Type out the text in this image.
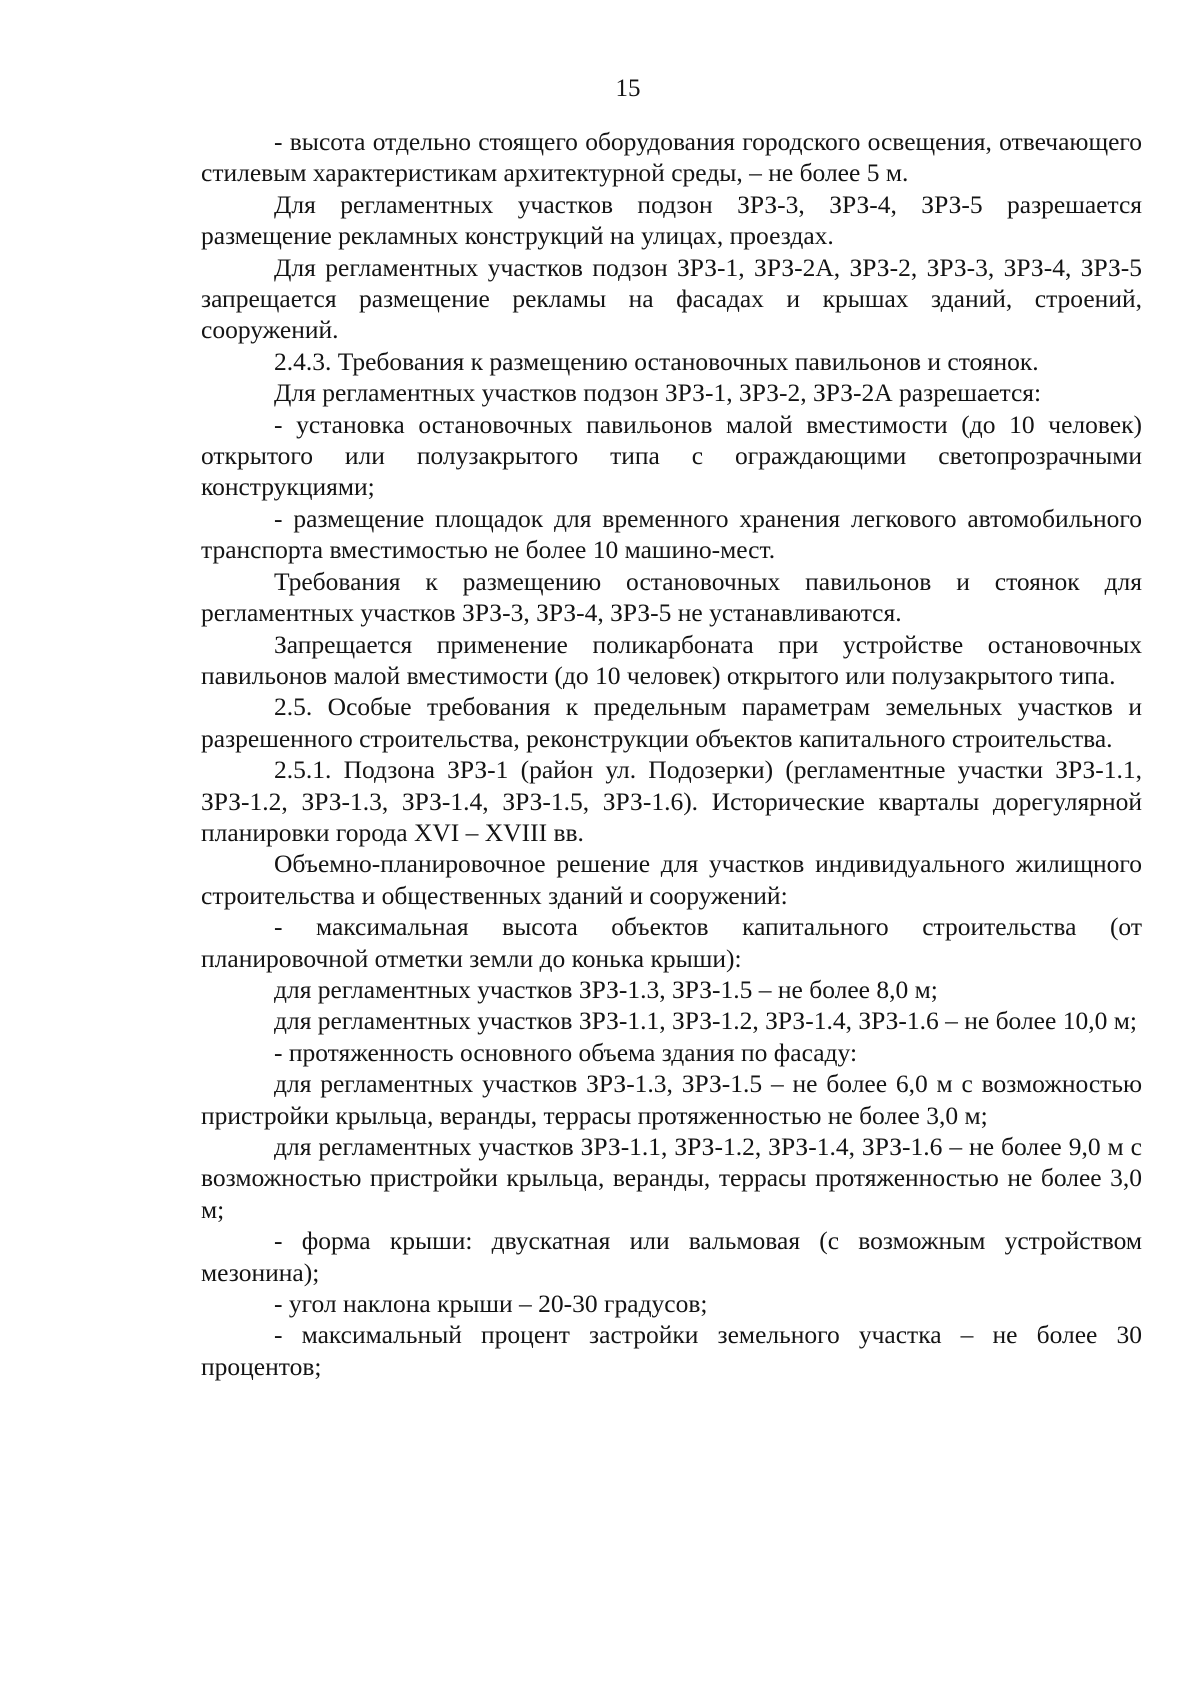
15

- высота отдельно стоящего оборудования городского освещения, отвечающего стилевым характеристикам архитектурной среды, – не более 5 м.

Для регламентных участков подзон ЗРЗ-3, ЗРЗ-4, ЗРЗ-5 разрешается размещение рекламных конструкций на улицах, проездах.

Для регламентных участков подзон ЗРЗ-1, ЗРЗ-2А, ЗРЗ-2, ЗРЗ-3, ЗРЗ-4, ЗРЗ-5 запрещается размещение рекламы на фасадах и крышах зданий, строений, сооружений.

2.4.3. Требования к размещению остановочных павильонов и стоянок.

Для регламентных участков подзон ЗРЗ-1, ЗРЗ-2, ЗРЗ-2А разрешается:

- установка остановочных павильонов малой вместимости (до 10 человек) открытого или полузакрытого типа с ограждающими светопрозрачными конструкциями;

- размещение площадок для временного хранения легкового автомобильного транспорта вместимостью не более 10 машино-мест.

Требования к размещению остановочных павильонов и стоянок для регламентных участков ЗРЗ-3, ЗРЗ-4, ЗРЗ-5 не устанавливаются.

Запрещается применение поликарбоната при устройстве остановочных павильонов малой вместимости (до 10 человек) открытого или полузакрытого типа.

2.5. Особые требования к предельным параметрам земельных участков и разрешенного строительства, реконструкции объектов капитального строительства.

2.5.1. Подзона ЗРЗ-1 (район ул. Подозерки) (регламентные участки ЗРЗ-1.1, ЗРЗ-1.2, ЗРЗ-1.3, ЗРЗ-1.4, ЗРЗ-1.5, ЗРЗ-1.6). Исторические кварталы дорегулярной планировки города XVI – XVIII вв.

Объемно-планировочное решение для участков индивидуального жилищного строительства и общественных зданий и сооружений:

- максимальная высота объектов капитального строительства (от планировочной отметки земли до конька крыши):

для регламентных участков ЗРЗ-1.3, ЗРЗ-1.5 – не более 8,0 м;

для регламентных участков ЗРЗ-1.1, ЗРЗ-1.2, ЗРЗ-1.4, ЗРЗ-1.6 – не более 10,0 м;

- протяженность основного объема здания по фасаду:

для регламентных участков ЗРЗ-1.3, ЗРЗ-1.5 – не более 6,0 м с возможностью пристройки крыльца, веранды, террасы протяженностью не более 3,0 м;

для регламентных участков ЗРЗ-1.1, ЗРЗ-1.2, ЗРЗ-1.4, ЗРЗ-1.6 – не более 9,0 м с возможностью пристройки крыльца, веранды, террасы протяженностью не более 3,0 м;

- форма крыши: двускатная или вальмовая (с возможным устройством мезонина);

- угол наклона крыши – 20-30 градусов;

- максимальный процент застройки земельного участка – не более 30 процентов;
